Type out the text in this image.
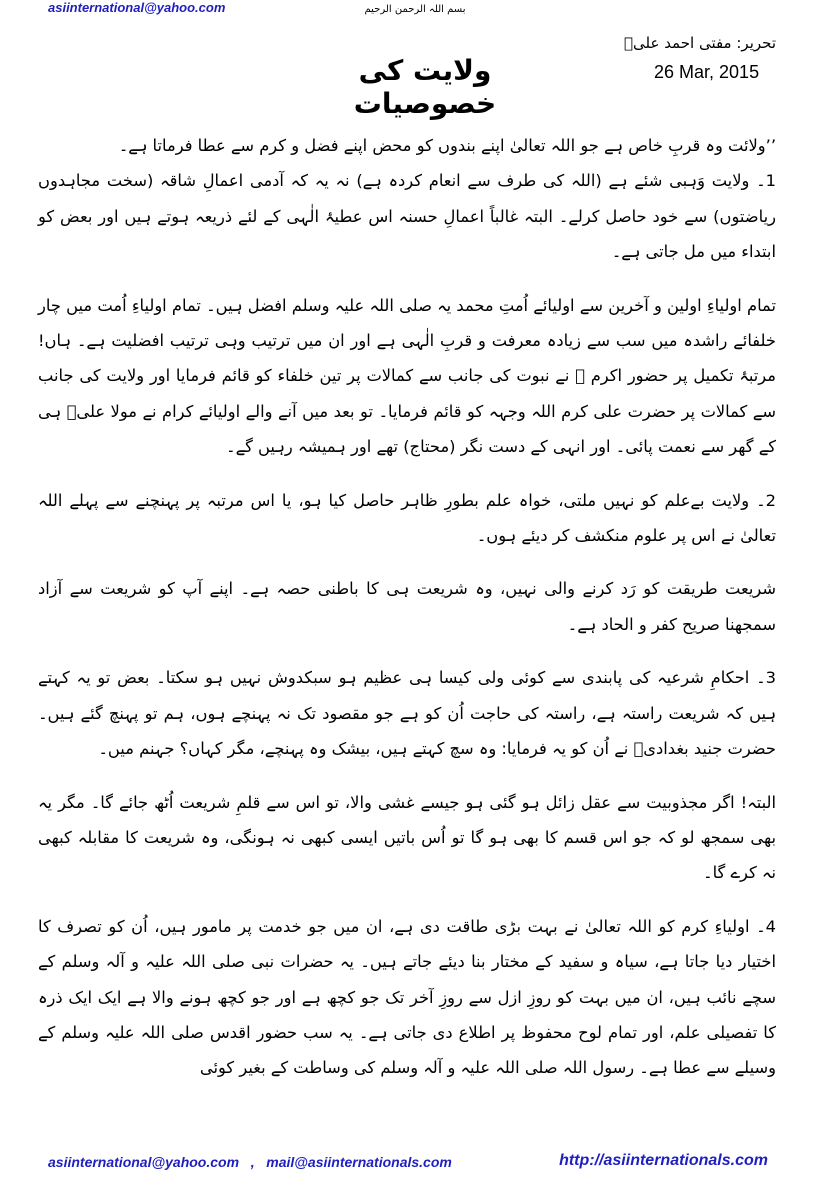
asiinternational@yahoo.com	بسم اللہ الرحمن الرحیم
تحریر: مفتی احمد علیؒ
26 Mar, 2015
ولایت کی خصوصیات

’’ولائت وہ قربِ خاص ہے جو اللہ تعالیٰ اپنے بندوں کو محض اپنے فضل و کرم سے عطا فرماتا ہے۔

1۔ ولایت وَہبی شئے ہے (اللہ کی طرف سے انعام کردہ ہے) نہ یہ کہ آدمی اعمالِ شاقہ (سخت مجاہدوں ریاضتوں) سے خود حاصل کرلے۔ البتہ غالباً اعمالِ حسنہ اس عطیۂ الٰہی کے لئے ذریعہ ہوتے ہیں اور بعض کو ابتداء میں مل جاتی ہے۔

تمام اولیاءِ اولین و آخرین سے اولیائے اُمتِ محمد یہ صلی اللہ علیہ وسلم افضل ہیں۔ تمام اولیاءِ اُمت میں چار خلفائے راشدہ میں سب سے زیادہ معرفت و قربِ الٰہی ہے اور ان میں ترتیب وہی ترتیب افضلیت ہے۔ ہاں! مرتبۂ تکمیل پر حضور اکرم ﷺ نے نبوت کی جانب سے کمالات پر تین خلفاء کو قائم فرمایا اور ولایت کی جانب سے کمالات پر حضرت علی کرم اللہ وجہہ کو قائم فرمایا۔ تو بعد میں آنے والے اولیائے کرام نے مولا علیؓ ہی کے گھر سے نعمت پائی۔ اور انہی کے دست نگر (محتاج) تھے اور ہمیشہ رہیں گے۔

2۔ ولایت بےعلم کو نہیں ملتی، خواہ علم بطورِ ظاہر حاصل کیا ہو، یا اس مرتبہ پر پہنچنے سے پہلے اللہ تعالیٰ نے اس پر علوم منکشف کر دیئے ہوں۔

شریعت طریقت کو رَد کرنے والی نہیں، وہ شریعت ہی کا باطنی حصہ ہے۔ اپنے آپ کو شریعت سے آزاد سمجھنا صریح کفر و الحاد ہے۔

3۔ احکامِ شرعیہ کی پابندی سے کوئی ولی کیسا ہی عظیم ہو سبکدوش نہیں ہو سکتا۔ بعض تو یہ کہتے ہیں کہ شریعت راستہ ہے، راستہ کی حاجت اُن کو ہے جو مقصود تک نہ پہنچے ہوں، ہم تو پہنچ گئے ہیں۔ حضرت جنید بغدادیؒ نے اُن کو یہ فرمایا: وہ سچ کہتے ہیں، بیشک وہ پہنچے، مگر کہاں؟ جہنم میں۔

البتہ! اگر مجذوبیت سے عقل زائل ہو گئی ہو جیسے غشی والا، تو اس سے قلمِ شریعت اُٹھ جائے گا۔ مگر یہ بھی سمجھ لو کہ جو اس قسم کا بھی ہو گا تو اُس باتیں ایسی کبھی نہ ہونگی، وہ شریعت کا مقابلہ کبھی نہ کرے گا۔

4۔ اولیاءِ کرم کو اللہ تعالیٰ نے بہت بڑی طاقت دی ہے، ان میں جو خدمت پر مامور ہیں، اُن کو تصرف کا اختیار دیا جاتا ہے، سیاہ و سفید کے مختار بنا دیئے جاتے ہیں۔ یہ حضرات نبی صلی اللہ علیہ و آلہ وسلم کے سچے نائب ہیں، ان میں بہت کو روزِ ازل سے روزِ آخر تک جو کچھ ہے اور جو کچھ ہونے والا ہے ایک ایک ذرہ کا تفصیلی علم، اور تمام لوح محفوظ پر اطلاع دی جاتی ہے۔ یہ سب حضور اقدس صلی اللہ علیہ وسلم کے وسیلے سے عطا ہے۔ رسول اللہ صلی اللہ علیہ و آلہ وسلم کی وساطت کے بغیر کوئی

asiinternational@yahoo.com   ,   mail@asiinternationals.com	http://asiinternationals.com
